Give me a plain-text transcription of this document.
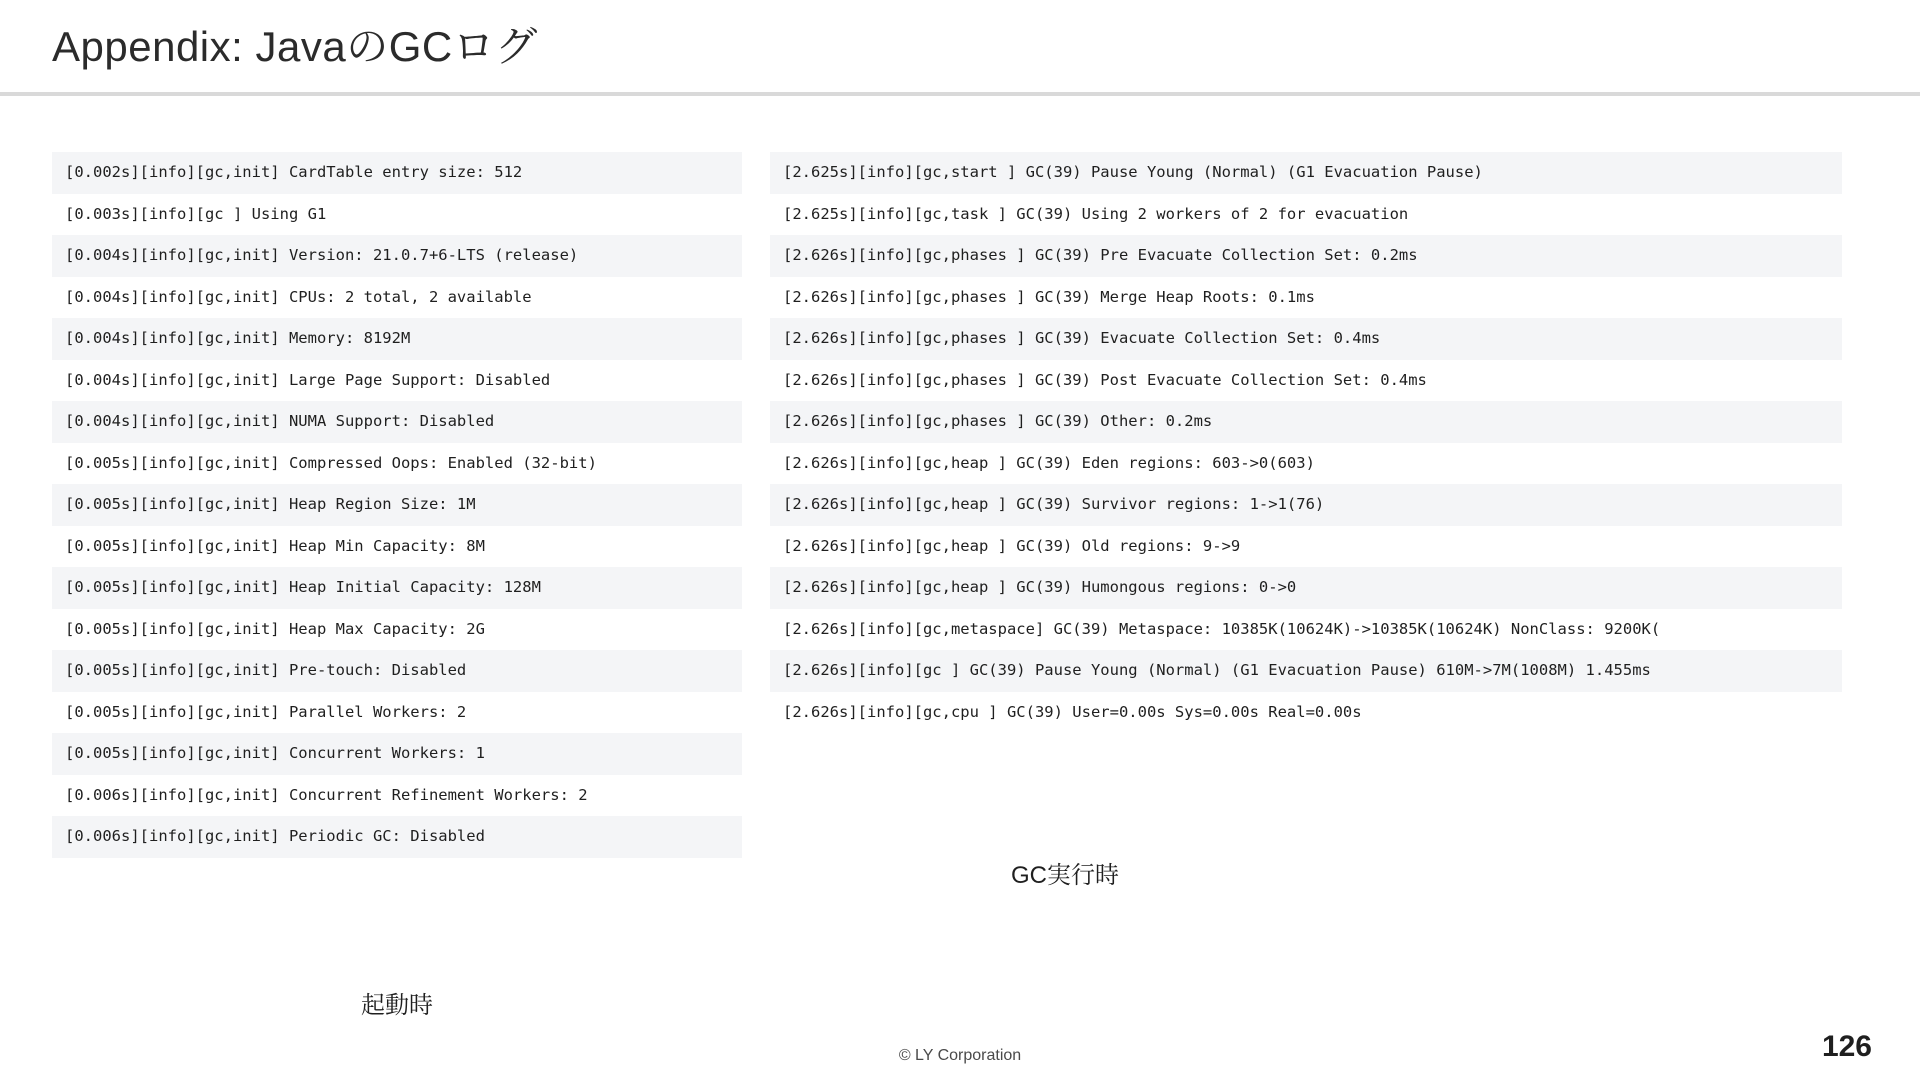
Appendix: JavaのGCログ
[0.002s][info][gc,init] CardTable entry size: 512
[0.003s][info][gc ] Using G1
[0.004s][info][gc,init] Version: 21.0.7+6-LTS (release)
[0.004s][info][gc,init] CPUs: 2 total, 2 available
[0.004s][info][gc,init] Memory: 8192M
[0.004s][info][gc,init] Large Page Support: Disabled
[0.004s][info][gc,init] NUMA Support: Disabled
[0.005s][info][gc,init] Compressed Oops: Enabled (32-bit)
[0.005s][info][gc,init] Heap Region Size: 1M
[0.005s][info][gc,init] Heap Min Capacity: 8M
[0.005s][info][gc,init] Heap Initial Capacity: 128M
[0.005s][info][gc,init] Heap Max Capacity: 2G
[0.005s][info][gc,init] Pre-touch: Disabled
[0.005s][info][gc,init] Parallel Workers: 2
[0.005s][info][gc,init] Concurrent Workers: 1
[0.006s][info][gc,init] Concurrent Refinement Workers: 2
[0.006s][info][gc,init] Periodic GC: Disabled
[2.625s][info][gc,start ] GC(39) Pause Young (Normal) (G1 Evacuation Pause)
[2.625s][info][gc,task ] GC(39) Using 2 workers of 2 for evacuation
[2.626s][info][gc,phases ] GC(39) Pre Evacuate Collection Set: 0.2ms
[2.626s][info][gc,phases ] GC(39) Merge Heap Roots: 0.1ms
[2.626s][info][gc,phases ] GC(39) Evacuate Collection Set: 0.4ms
[2.626s][info][gc,phases ] GC(39) Post Evacuate Collection Set: 0.4ms
[2.626s][info][gc,phases ] GC(39) Other: 0.2ms
[2.626s][info][gc,heap ] GC(39) Eden regions: 603->0(603)
[2.626s][info][gc,heap ] GC(39) Survivor regions: 1->1(76)
[2.626s][info][gc,heap ] GC(39) Old regions: 9->9
[2.626s][info][gc,heap ] GC(39) Humongous regions: 0->0
[2.626s][info][gc,metaspace] GC(39) Metaspace: 10385K(10624K)->10385K(10624K) NonClass: 9200K(
[2.626s][info][gc ] GC(39) Pause Young (Normal) (G1 Evacuation Pause) 610M->7M(1008M) 1.455ms
[2.626s][info][gc,cpu ] GC(39) User=0.00s Sys=0.00s Real=0.00s
起動時
GC実行時
© LY Corporation	126
